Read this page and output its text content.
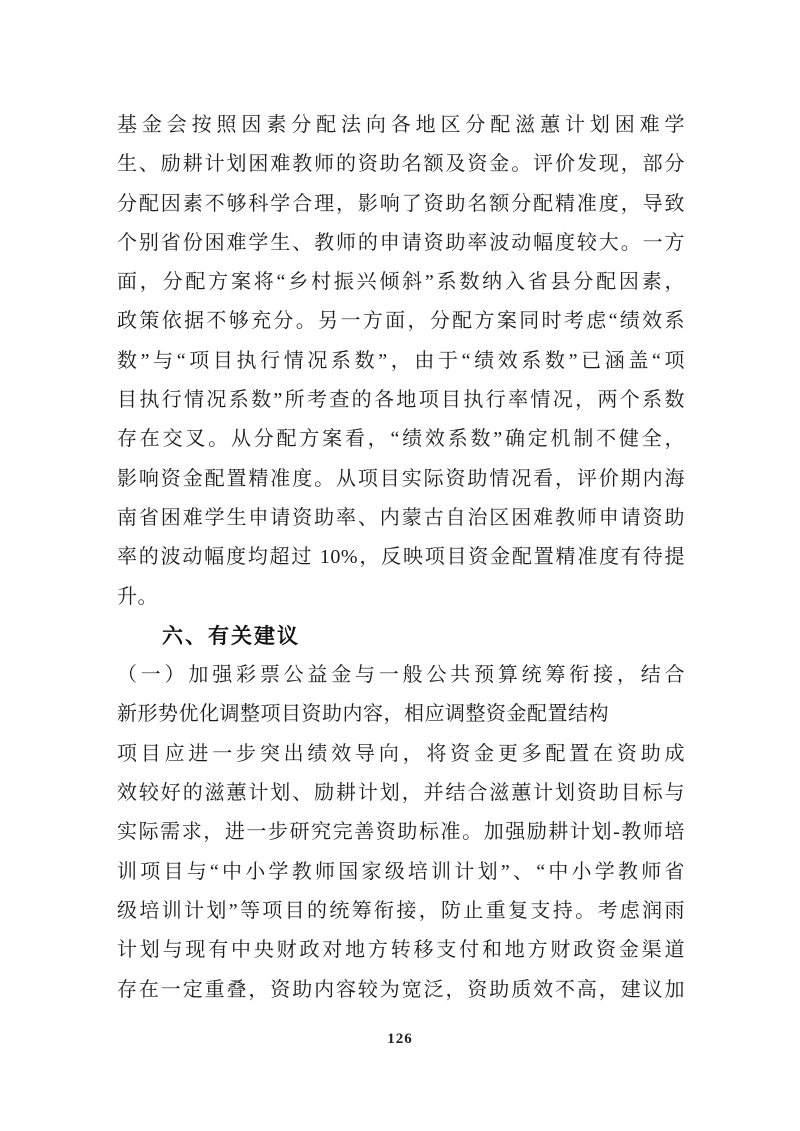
基金会按照因素分配法向各地区分配滋蕙计划困难学
生、励耕计划困难教师的资助名额及资金。评价发现，部分
分配因素不够科学合理，影响了资助名额分配精准度，导致
个别省份困难学生、教师的申请资助率波动幅度较大。一方
面，分配方案将“乡村振兴倾斜”系数纳入省县分配因素，
政策依据不够充分。另一方面，分配方案同时考虑“绩效系
数”与“项目执行情况系数”，由于“绩效系数”已涵盖“项
目执行情况系数”所考查的各地项目执行率情况，两个系数
存在交叉。从分配方案看，“绩效系数”确定机制不健全，
影响资金配置精准度。从项目实际资助情况看，评价期内海
南省困难学生申请资助率、内蒙古自治区困难教师申请资助
率的波动幅度均超过 10%，反映项目资金配置精准度有待提
升。
六、有关建议
（一）加强彩票公益金与一般公共预算统筹衔接，结合
新形势优化调整项目资助内容，相应调整资金配置结构
项目应进一步突出绩效导向，将资金更多配置在资助成
效较好的滋蕙计划、励耕计划，并结合滋蕙计划资助目标与
实际需求，进一步研究完善资助标准。加强励耕计划-教师培
训项目与“中小学教师国家级培训计划”、“中小学教师省
级培训计划”等项目的统筹衔接，防止重复支持。考虑润雨
计划与现有中央财政对地方转移支付和地方财政资金渠道
存在一定重叠，资助内容较为宽泛，资助质效不高，建议加
126
